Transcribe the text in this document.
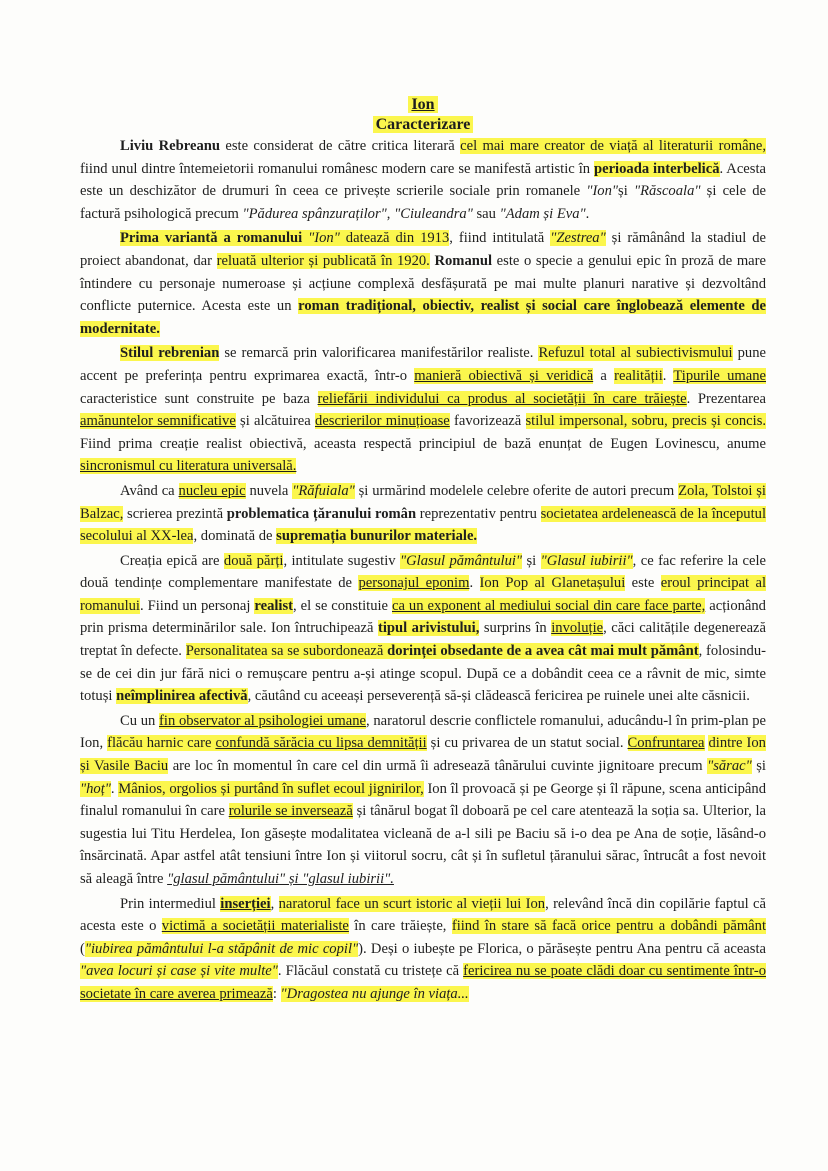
Ion

Caracterizare

Liviu Rebreanu este considerat de către critica literară cel mai mare creator de viață al literaturii române, fiind unul dintre întemeietorii romanului românesc modern care se manifestă artistic în perioada interbelică. Acesta este un deschizător de drumuri în ceea ce privește scrierile sociale prin romanele "Ion"și "Răscoala" și cele de factură psihologică precum "Pădurea spânzuraților", "Ciuleandra" sau "Adam și Eva".

Prima variantă a romanului "Ion" datează din 1913, fiind intitulată "Zestrea" și rămânând la stadiul de proiect abandonat, dar reluată ulterior și publicată în 1920. Romanul este o specie a genului epic în proză de mare întindere cu personaje numeroase și acțiune complexă desfășurată pe mai multe planuri narative și dezvoltând conflicte puternice. Acesta este un roman tradițional, obiectiv, realist și social care înglobează elemente de modernitate.

Stilul rebrenian se remarcă prin valorificarea manifestărilor realiste. Refuzul total al subiectivismului pune accent pe preferința pentru exprimarea exactă, într-o manieră obiectivă și veridică a realității. Tipurile umane caracteristice sunt construite pe baza reliefării individului ca produs al societății în care trăiește. Prezentarea amănuntelor semnificative și alcătuirea descrierilor minuțioase favorizează stilul impersonal, sobru, precis și concis. Fiind prima creație realist obiectivă, aceasta respectă principiul de bază enunțat de Eugen Lovinescu, anume sincronismul cu literatura universală.

Având ca nucleu epic nuvela "Răfuiala" și urmărind modelele celebre oferite de autori precum Zola, Tolstoi și Balzac, scrierea prezintă problematica țăranului român reprezentativ pentru societatea ardelenească de la începutul secolului al XX-lea, dominată de supremația bunurilor materiale.

Creația epică are două părți, intitulate sugestiv "Glasul pământului" și "Glasul iubirii", ce fac referire la cele două tendințe complementare manifestate de personajul eponim. Ion Pop al Glanetașului este eroul principat al romanului. Fiind un personaj realist, el se constituie ca un exponent al mediului social din care face parte, acționând prin prisma determinărilor sale. Ion întruchipează tipul arivistului, surprins în involuție, căci calitățile degenerează treptat în defecte. Personalitatea sa se subordonează dorinței obsedante de a avea cât mai mult pământ, folosindu-se de cei din jur fără nici o remușcare pentru a-și atinge scopul. După ce a dobândit ceea ce a râvnit de mic, simte totuși neîmplinirea afectivă, căutând cu aceeași perseverență să-și clădească fericirea pe ruinele unei alte căsnicii.

Cu un fin observator al psihologiei umane, naratorul descrie conflictele romanului, aducându-l în prim-plan pe Ion, flăcău harnic care confundă sărăcia cu lipsa demnității și cu privarea de un statut social. Confruntarea dintre Ion și Vasile Baciu are loc în momentul în care cel din urmă îi adresează tânărului cuvinte jignitoare precum "sărac" și "hoț". Mânios, orgolios și purtând în suflet ecoul jignirilor, Ion îl provoacă și pe George și îl răpune, scena anticipând finalul romanului în care rolurile se inversează și tânărul bogat îl doboară pe cel care atentează la soția sa. Ulterior, la sugestia lui Titu Herdelea, Ion găsește modalitatea vicleană de a-l sili pe Baciu să i-o dea pe Ana de soție, lăsând-o însărcinată. Apar astfel atât tensiuni între Ion și viitorul socru, cât și în sufletul țăranului sărac, întrucât a fost nevoit să aleagă între "glasul pământului" și "glasul iubirii".

Prin intermediul inserției, naratorul face un scurt istoric al vieții lui Ion, relevând încă din copilărie faptul că acesta este o victimă a societății materialiste în care trăiește, fiind în stare să facă orice pentru a dobândi pământ ("iubirea pământului l-a stăpânit de mic copil"). Deși o iubește pe Florica, o părăsește pentru Ana pentru că aceasta "avea locuri și case și vite multe". Flăcăul constată cu tristețe că fericirea nu se poate clădi doar cu sentimente într-o societate în care averea primează: "Dragostea nu ajunge în viața...
